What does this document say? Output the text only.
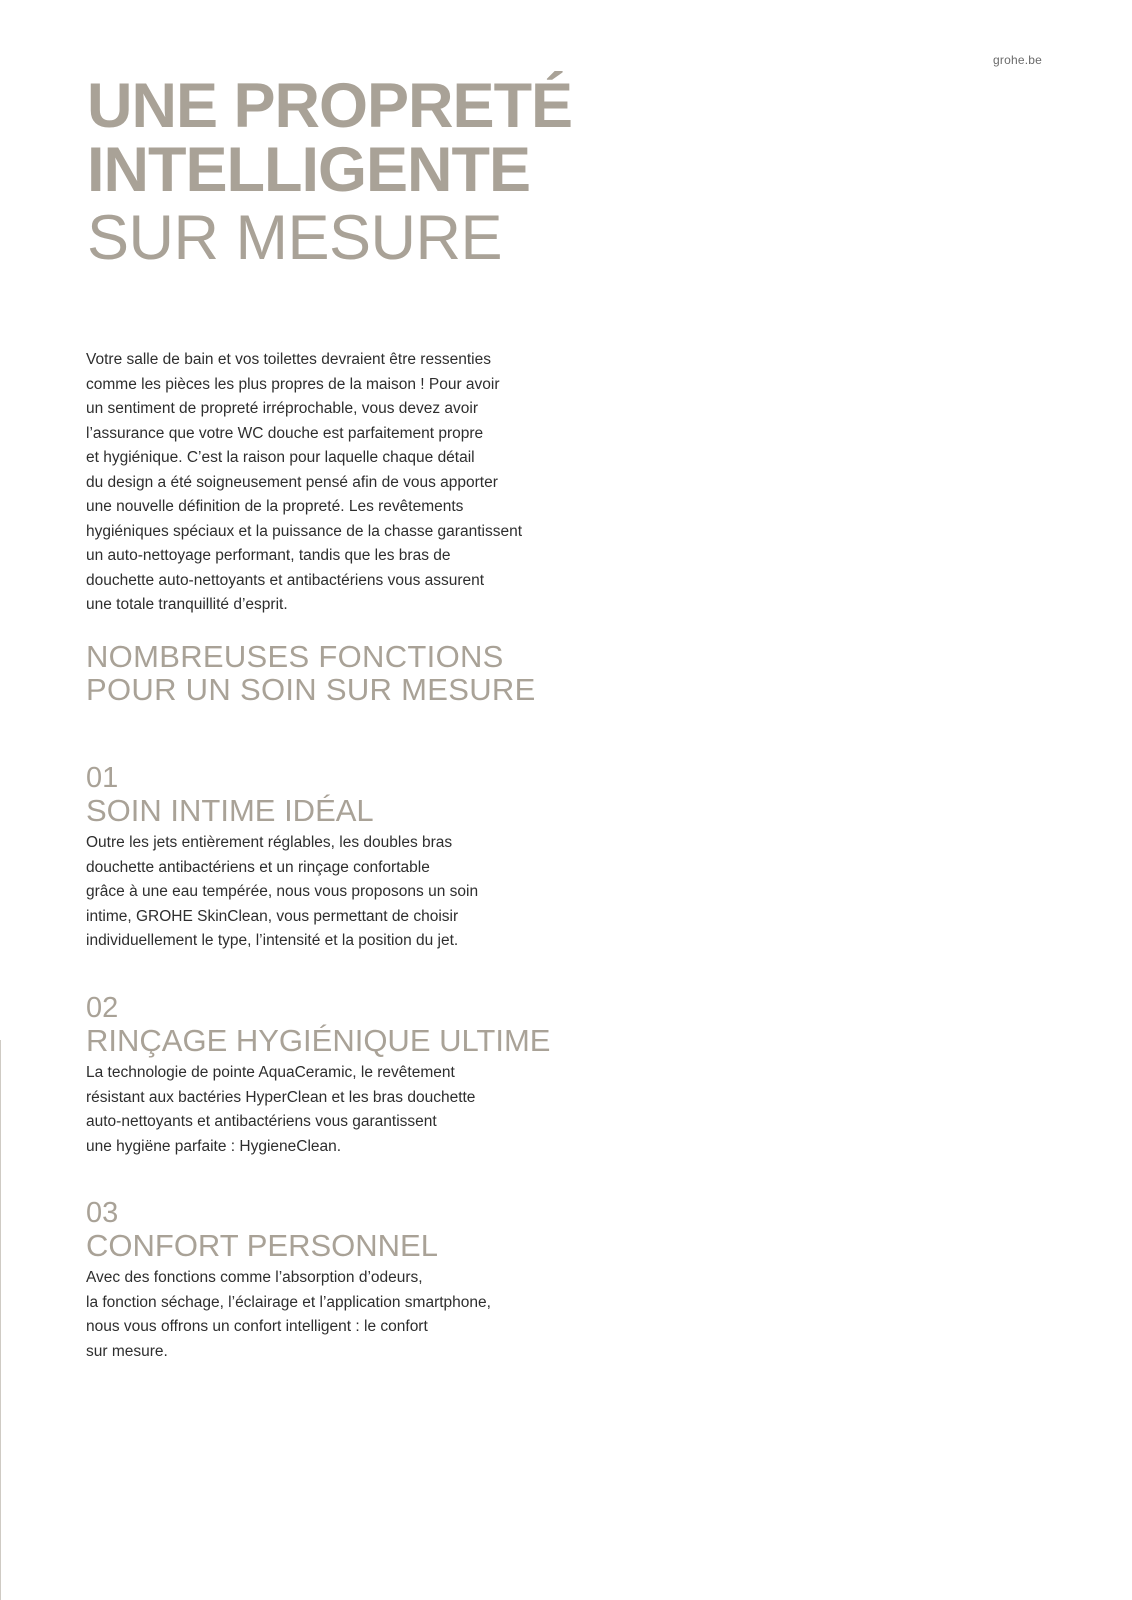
grohe.be
UNE PROPRETÉ
INTELLIGENTE
SUR MESURE

Votre salle de bain et vos toilettes devraient être ressenties
comme les pièces les plus propres de la maison ! Pour avoir
un sentiment de propreté irréprochable, vous devez avoir
l’assurance que votre WC douche est parfaitement propre
et hygiénique. C’est la raison pour laquelle chaque détail
du design a été soigneusement pensé afin de vous apporter
une nouvelle définition de la propreté. Les revêtements
hygiéniques spéciaux et la puissance de la chasse garantissent
un auto-nettoyage performant, tandis que les bras de
douchette auto-nettoyants et antibactériens vous assurent
une totale tranquillité d’esprit.

NOMBREUSES FONCTIONS
POUR UN SOIN SUR MESURE
01
SOIN INTIME IDÉAL
Outre les jets entièrement réglables, les doubles bras
douchette antibactériens et un rinçage confortable
grâce à une eau tempérée, nous vous proposons un soin
intime, GROHE SkinClean, vous permettant de choisir
individuellement le type, l’intensité et la position du jet.
02
RINÇAGE HYGIÉNIQUE ULTIME
La technologie de pointe AquaCeramic, le revêtement
résistant aux bactéries HyperClean et les bras douchette
auto-nettoyants et antibactériens vous garantissent
une hygiëne parfaite : HygieneClean.
03
CONFORT PERSONNEL
Avec des fonctions comme l’absorption d’odeurs,
la fonction séchage, l’éclairage et l’application smartphone,
nous vous offrons un confort intelligent : le confort
sur mesure.
